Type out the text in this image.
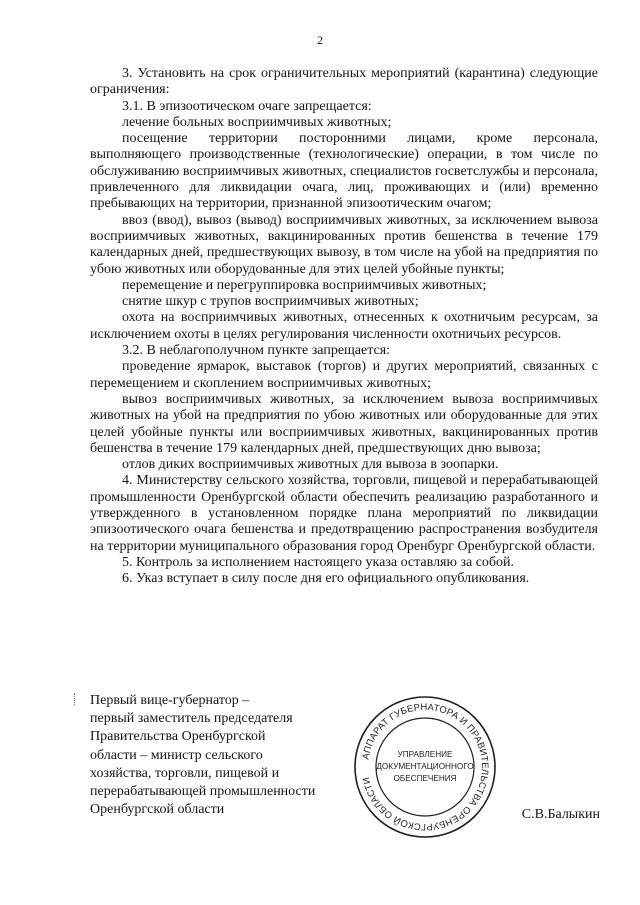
2

3. Установить на срок ограничительных мероприятий (карантина) следующие ограничения:

3.1. В эпизоотическом очаге запрещается:

лечение больных восприимчивых животных;

посещение территории посторонними лицами, кроме персонала, выполняющего производственные (технологические) операции, в том числе по обслуживанию восприимчивых животных, специалистов госветслужбы и персонала, привлеченного для ликвидации очага, лиц, проживающих и (или) временно пребывающих на территории, признанной эпизоотическим очагом;

ввоз (ввод), вывоз (вывод) восприимчивых животных, за исключением вывоза восприимчивых животных, вакцинированных против бешенства в течение 179 календарных дней, предшествующих вывозу, в том числе на убой на предприятия по убою животных или оборудованные для этих целей убойные пункты;

перемещение и перегруппировка восприимчивых животных;

снятие шкур с трупов восприимчивых животных;

охота на восприимчивых животных, отнесенных к охотничьим ресурсам, за исключением охоты в целях регулирования численности охотничьих ресурсов.

3.2. В неблагополучном пункте запрещается:

проведение ярмарок, выставок (торгов) и других мероприятий, связанных с перемещением и скоплением восприимчивых животных;

вывоз восприимчивых животных, за исключением вывоза восприимчивых животных на убой на предприятия по убою животных или оборудованные для этих целей убойные пункты или восприимчивых животных, вакцинированных против бешенства в течение 179 календарных дней, предшествующих дню вывоза;

отлов диких восприимчивых животных для вывоза в зоопарки.

4. Министерству сельского хозяйства, торговли, пищевой и перерабатывающей промышленности Оренбургской области обеспечить реализацию разработанного и утвержденного в установленном порядке плана мероприятий по ликвидации эпизоотического очага бешенства и предотвращению распространения возбудителя на территории муниципального образования город Оренбург Оренбургской области.

5. Контроль за исполнением настоящего указа оставляю за собой.

6. Указ вступает в силу после дня его официального опубликования.

Первый вице-губернатор –
первый заместитель председателя
Правительства Оренбургской
области – министр сельского
хозяйства, торговли, пищевой и
перерабатывающей промышленности
Оренбургской области

АППАРАТ ГУБЕРНАТОРА И ПРАВИТЕЛЬСТВА ОРЕНБУРГСКОЙ ОБЛАСТИ
УПРАВЛЕНИЕ
ДОКУМЕНТАЦИОННОГО
ОБЕСПЕЧЕНИЯ
С.В.Балыкин
